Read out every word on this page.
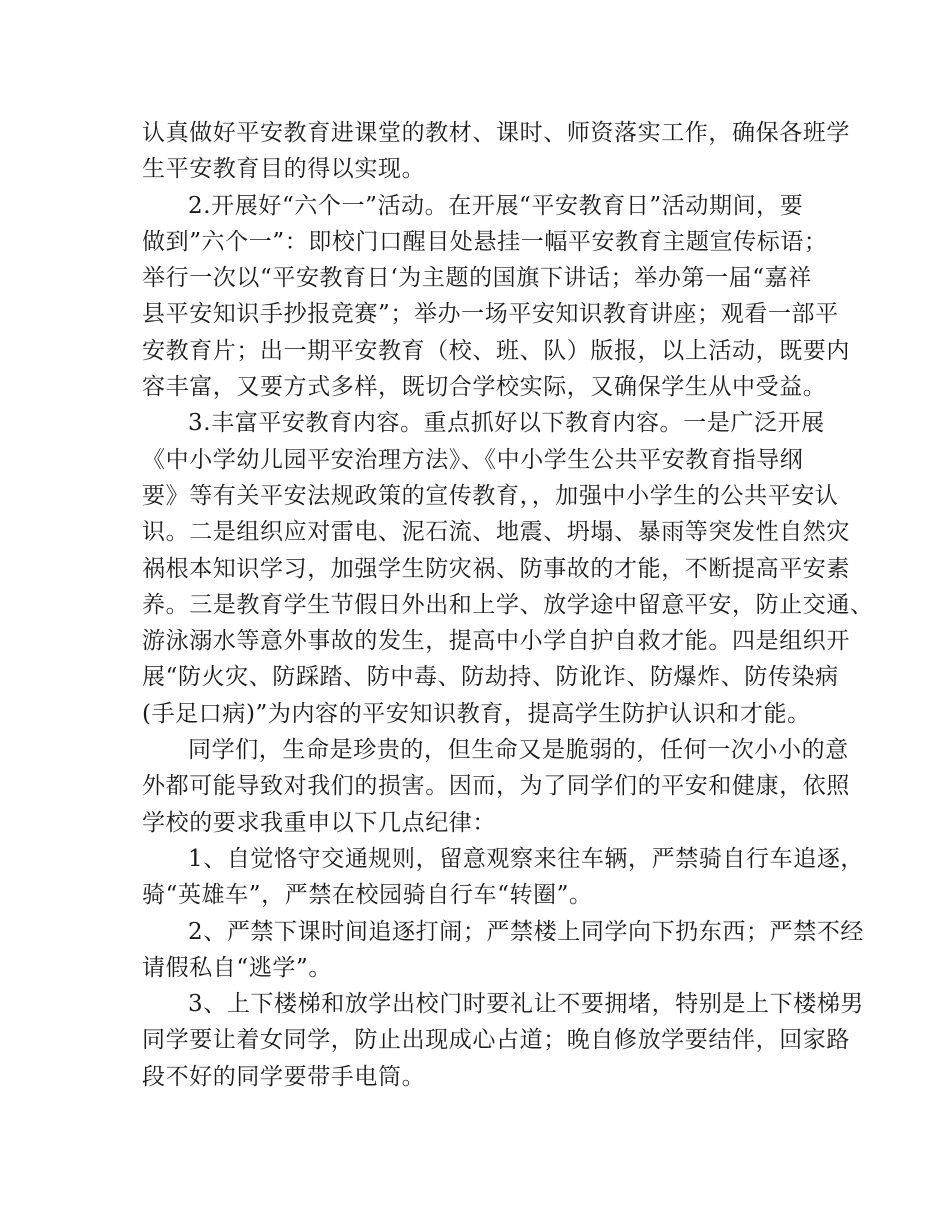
认真做好平安教育进课堂的教材、课时、师资落实工作，确保各班学
生平安教育目的得以实现。
2.开展好“六个一”活动。在开展“平安教育日”活动期间，要
做到”六个一”：即校门口醒目处悬挂一幅平安教育主题宣传标语；
举行一次以“平安教育日‘为主题的国旗下讲话；举办第一届“嘉祥
县平安知识手抄报竞赛”；举办一场平安知识教育讲座；观看一部平
安教育片；出一期平安教育（校、班、队）版报，以上活动，既要内
容丰富，又要方式多样，既切合学校实际，又确保学生从中受益。
3.丰富平安教育内容。重点抓好以下教育内容。一是广泛开展
《中小学幼儿园平安治理方法》、《中小学生公共平安教育指导纲
要》等有关平安法规政策的宣传教育，，加强中小学生的公共平安认
识。二是组织应对雷电、泥石流、地震、坍塌、暴雨等突发性自然灾
祸根本知识学习，加强学生防灾祸、防事故的才能，不断提高平安素
养。三是教育学生节假日外出和上学、放学途中留意平安，防止交通、
游泳溺水等意外事故的发生，提高中小学自护自救才能。四是组织开
展“防火灾、防踩踏、防中毒、防劫持、防讹诈、防爆炸、防传染病
(手足口病)”为内容的平安知识教育，提高学生防护认识和才能。
同学们，生命是珍贵的，但生命又是脆弱的，任何一次小小的意
外都可能导致对我们的损害。因而，为了同学们的平安和健康，依照
学校的要求我重申以下几点纪律：
1、自觉恪守交通规则，留意观察来往车辆，严禁骑自行车追逐，
骑“英雄车”，严禁在校园骑自行车“转圈”。
2、严禁下课时间追逐打闹；严禁楼上同学向下扔东西；严禁不经
请假私自“逃学”。
3、上下楼梯和放学出校门时要礼让不要拥堵，特别是上下楼梯男
同学要让着女同学，防止出现成心占道；晚自修放学要结伴，回家路
段不好的同学要带手电筒。
